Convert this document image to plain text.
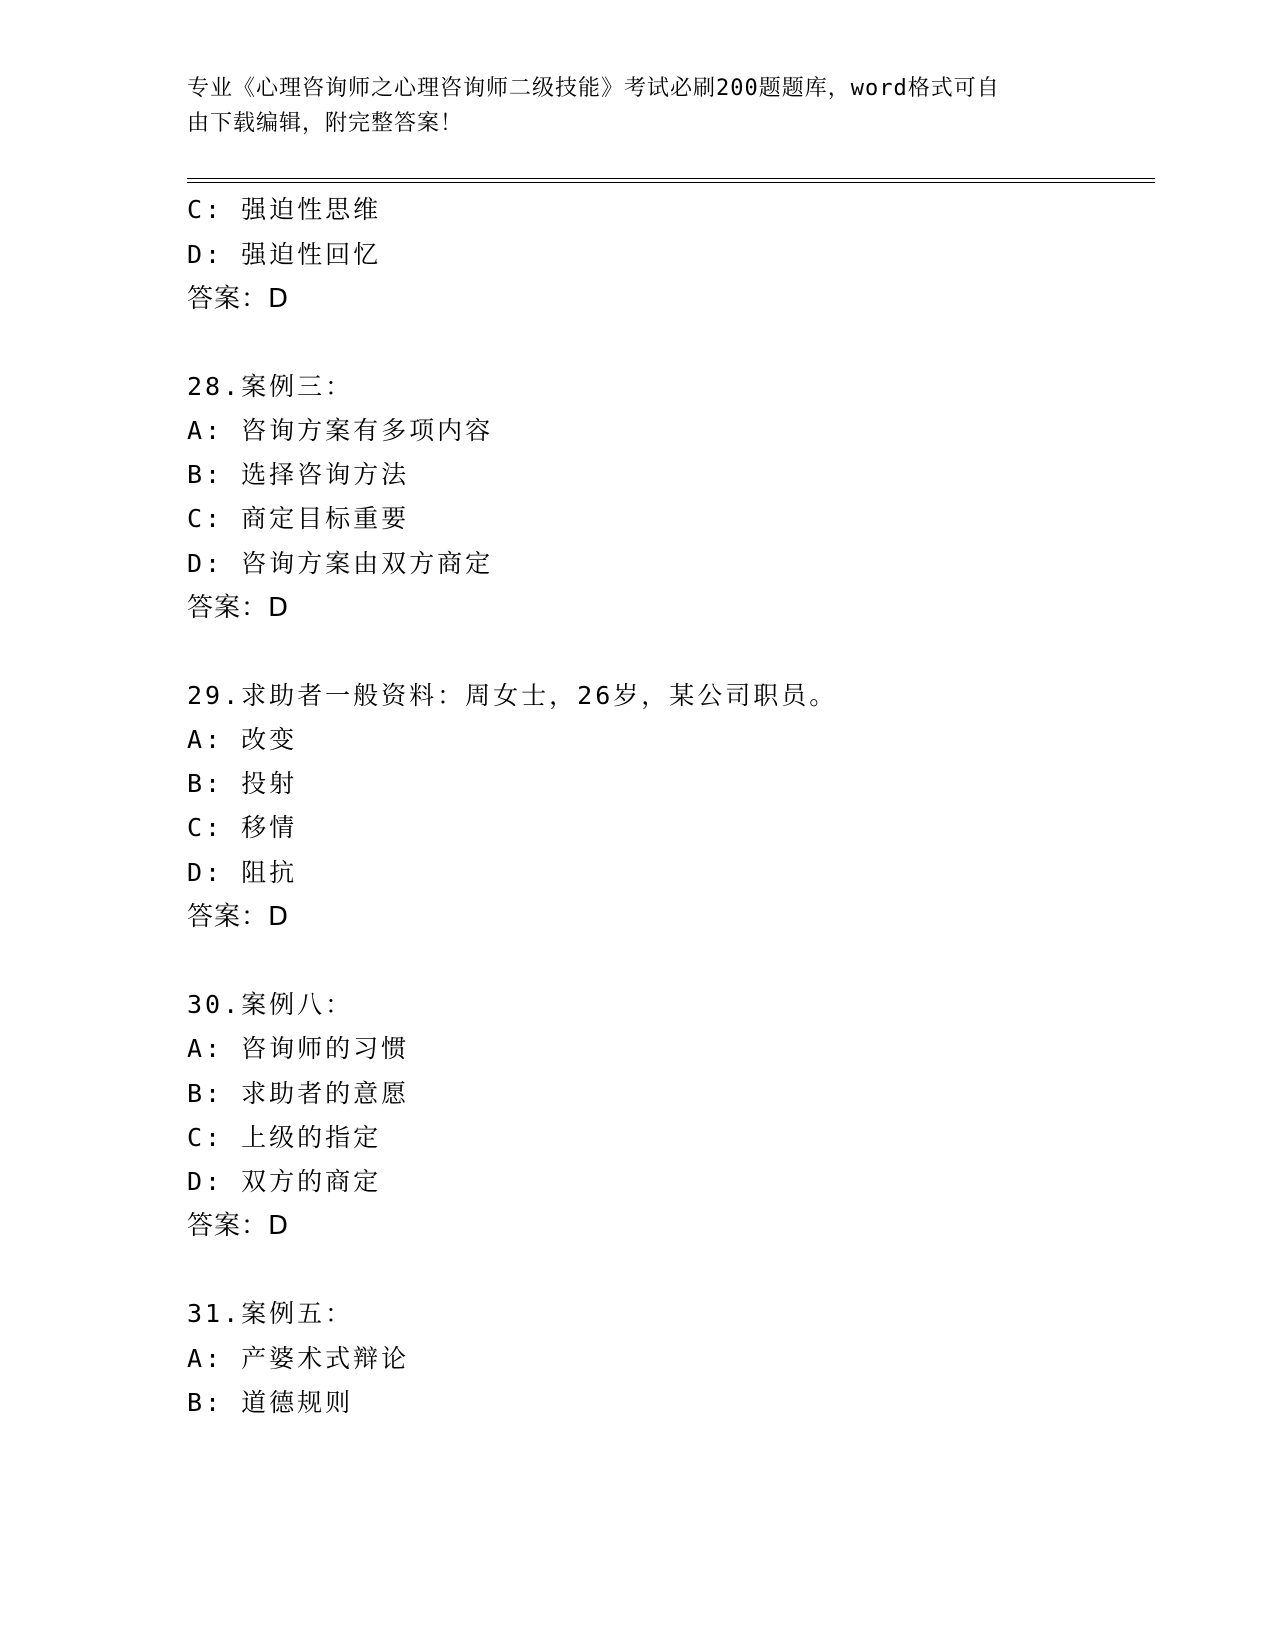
专业《心理咨询师之心理咨询师二级技能》考试必刷200题题库，word格式可自
由下载编辑，附完整答案！
C: 强迫性思维
D: 强迫性回忆
答案：D
28.案例三：
A: 咨询方案有多项内容
B: 选择咨询方法
C: 商定目标重要
D: 咨询方案由双方商定
答案：D
29.求助者一般资料：周女士，26岁，某公司职员。
A: 改变
B: 投射
C: 移情
D: 阻抗
答案：D
30.案例八：
A: 咨询师的习惯
B: 求助者的意愿
C: 上级的指定
D: 双方的商定
答案：D
31.案例五：
A: 产婆术式辩论
B: 道德规则
